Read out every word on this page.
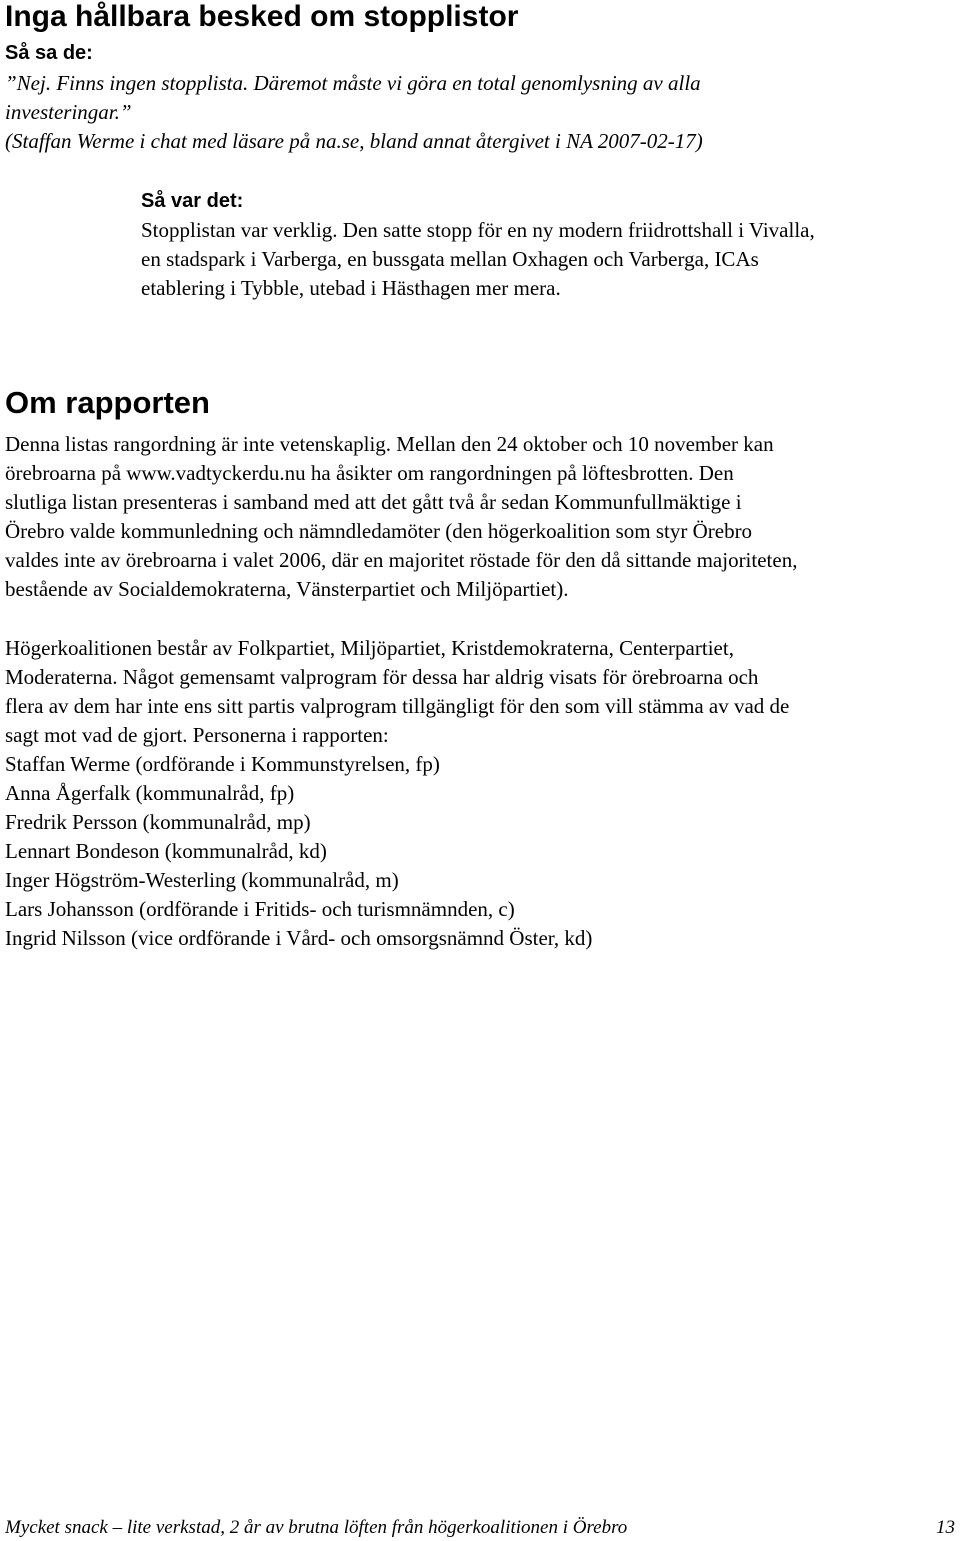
Inga hållbara besked om stopplistor
Så sa de:
”Nej. Finns ingen stopplista. Däremot måste vi göra en total genomlysning av alla
investeringar.”
(Staffan Werme i chat med läsare på na.se, bland annat återgivet i NA 2007-02-17)
Så var det:
Stopplistan var verklig. Den satte stopp för en ny modern friidrottshall i Vivalla,
en stadspark i Varberga, en bussgata mellan Oxhagen och Varberga, ICAs
etablering i Tybble, utebad i Hästhagen mer mera.
Om rapporten
Denna listas rangordning är inte vetenskaplig. Mellan den 24 oktober och 10 november kan
örebroarna på www.vadtyckerdu.nu ha åsikter om rangordningen på löftesbrotten. Den
slutliga listan presenteras i samband med att det gått två år sedan Kommunfullmäktige i
Örebro valde kommunledning och nämndledamöter (den högerkoalition som styr Örebro
valdes inte av örebroarna i valet 2006, där en majoritet röstade för den då sittande majoriteten,
bestående av Socialdemokraterna, Vänsterpartiet och Miljöpartiet).
Högerkoalitionen består av Folkpartiet, Miljöpartiet, Kristdemokraterna, Centerpartiet,
Moderaterna. Något gemensamt valprogram för dessa har aldrig visats för örebroarna och
flera av dem har inte ens sitt partis valprogram tillgängligt för den som vill stämma av vad de
sagt mot vad de gjort. Personerna i rapporten:
Staffan Werme (ordförande i Kommunstyrelsen, fp)
Anna Ågerfalk (kommunalråd, fp)
Fredrik Persson (kommunalråd, mp)
Lennart Bondeson (kommunalråd, kd)
Inger Högström-Westerling (kommunalråd, m)
Lars Johansson (ordförande i Fritids- och turismnämnden, c)
Ingrid Nilsson (vice ordförande i Vård- och omsorgsnämnd Öster, kd)
Mycket snack – lite verkstad, 2 år av brutna löften från högerkoalitionen i Örebro	13
